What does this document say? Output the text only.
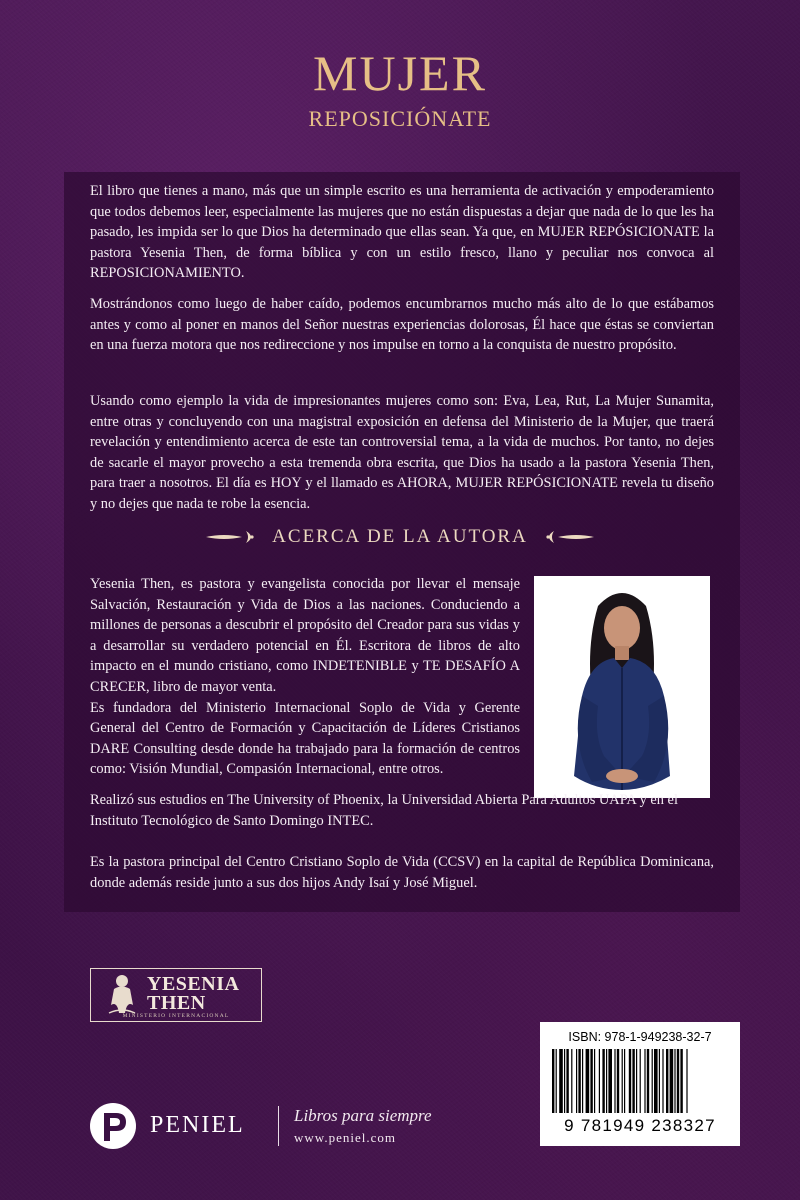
MUJER
REPOSICIÓNATE

El libro que tienes a mano, más que un simple escrito es una herramienta de activación y empoderamiento que todos debemos leer, especialmente las mujeres que no están dispuestas a dejar que nada de lo que les ha pasado, les impida ser lo que Dios ha determinado que ellas sean. Ya que, en MUJER REPÓSICIONATE la pastora Yesenia Then, de forma bíblica y con un estilo fresco, llano y peculiar nos convoca al REPOSICIONAMIENTO.

Mostrándonos como luego de haber caído, podemos encumbrarnos mucho más alto de lo que estábamos antes y como al poner en manos del Señor nuestras experiencias dolorosas, Él hace que éstas se conviertan en una fuerza motora que nos redireccione y nos impulse en torno a la conquista de nuestro propósito.

Usando como ejemplo la vida de impresionantes mujeres como son: Eva, Lea, Rut, La Mujer Sunamita, entre otras y concluyendo con una magistral exposición en defensa del Ministerio de la Mujer, que traerá revelación y entendimiento acerca de este tan controversial tema, a la vida de muchos. Por tanto, no dejes de sacarle el mayor provecho a esta tremenda obra escrita, que Dios ha usado a la pastora Yesenia Then, para traer a nosotros. El día es HOY y el llamado es AHORA, MUJER REPÓSICIONATE revela tu diseño y no dejes que nada te robe la esencia.

ACERCA DE LA AUTORA
Yesenia Then, es pastora y evangelista conocida por llevar el mensaje Salvación, Restauración y Vida de Dios a las naciones. Conduciendo a millones de personas a descubrir el propósito del Creador para sus vidas y a desarrollar su verdadero potencial en Él. Escritora de libros de alto impacto en el mundo cristiano, como INDETENIBLE y TE DESAFÍO A CRECER, libro de mayor venta.
Es fundadora del Ministerio Internacional Soplo de Vida y Gerente General del Centro de Formación y Capacitación de Líderes Cristianos DARE Consulting desde donde ha trabajado para la formación de centros como: Visión Mundial, Compasión Internacional, entre otros.
Realizó sus estudios en The University of Phoenix, la Universidad Abierta Para Adultos UAPA y en el Instituto Tecnológico de Santo Domingo INTEC.
Es la pastora principal del Centro Cristiano Soplo de Vida (CCSV) en la capital de República Dominicana, donde además reside junto a sus dos hijos Andy Isaí y José Miguel.
YESENIA
THEN
MINISTERIO INTERNACIONAL
PENIEL	Libros para siempre
www.peniel.com
ISBN: 978-1-949238-32-7
9 781949 238327
